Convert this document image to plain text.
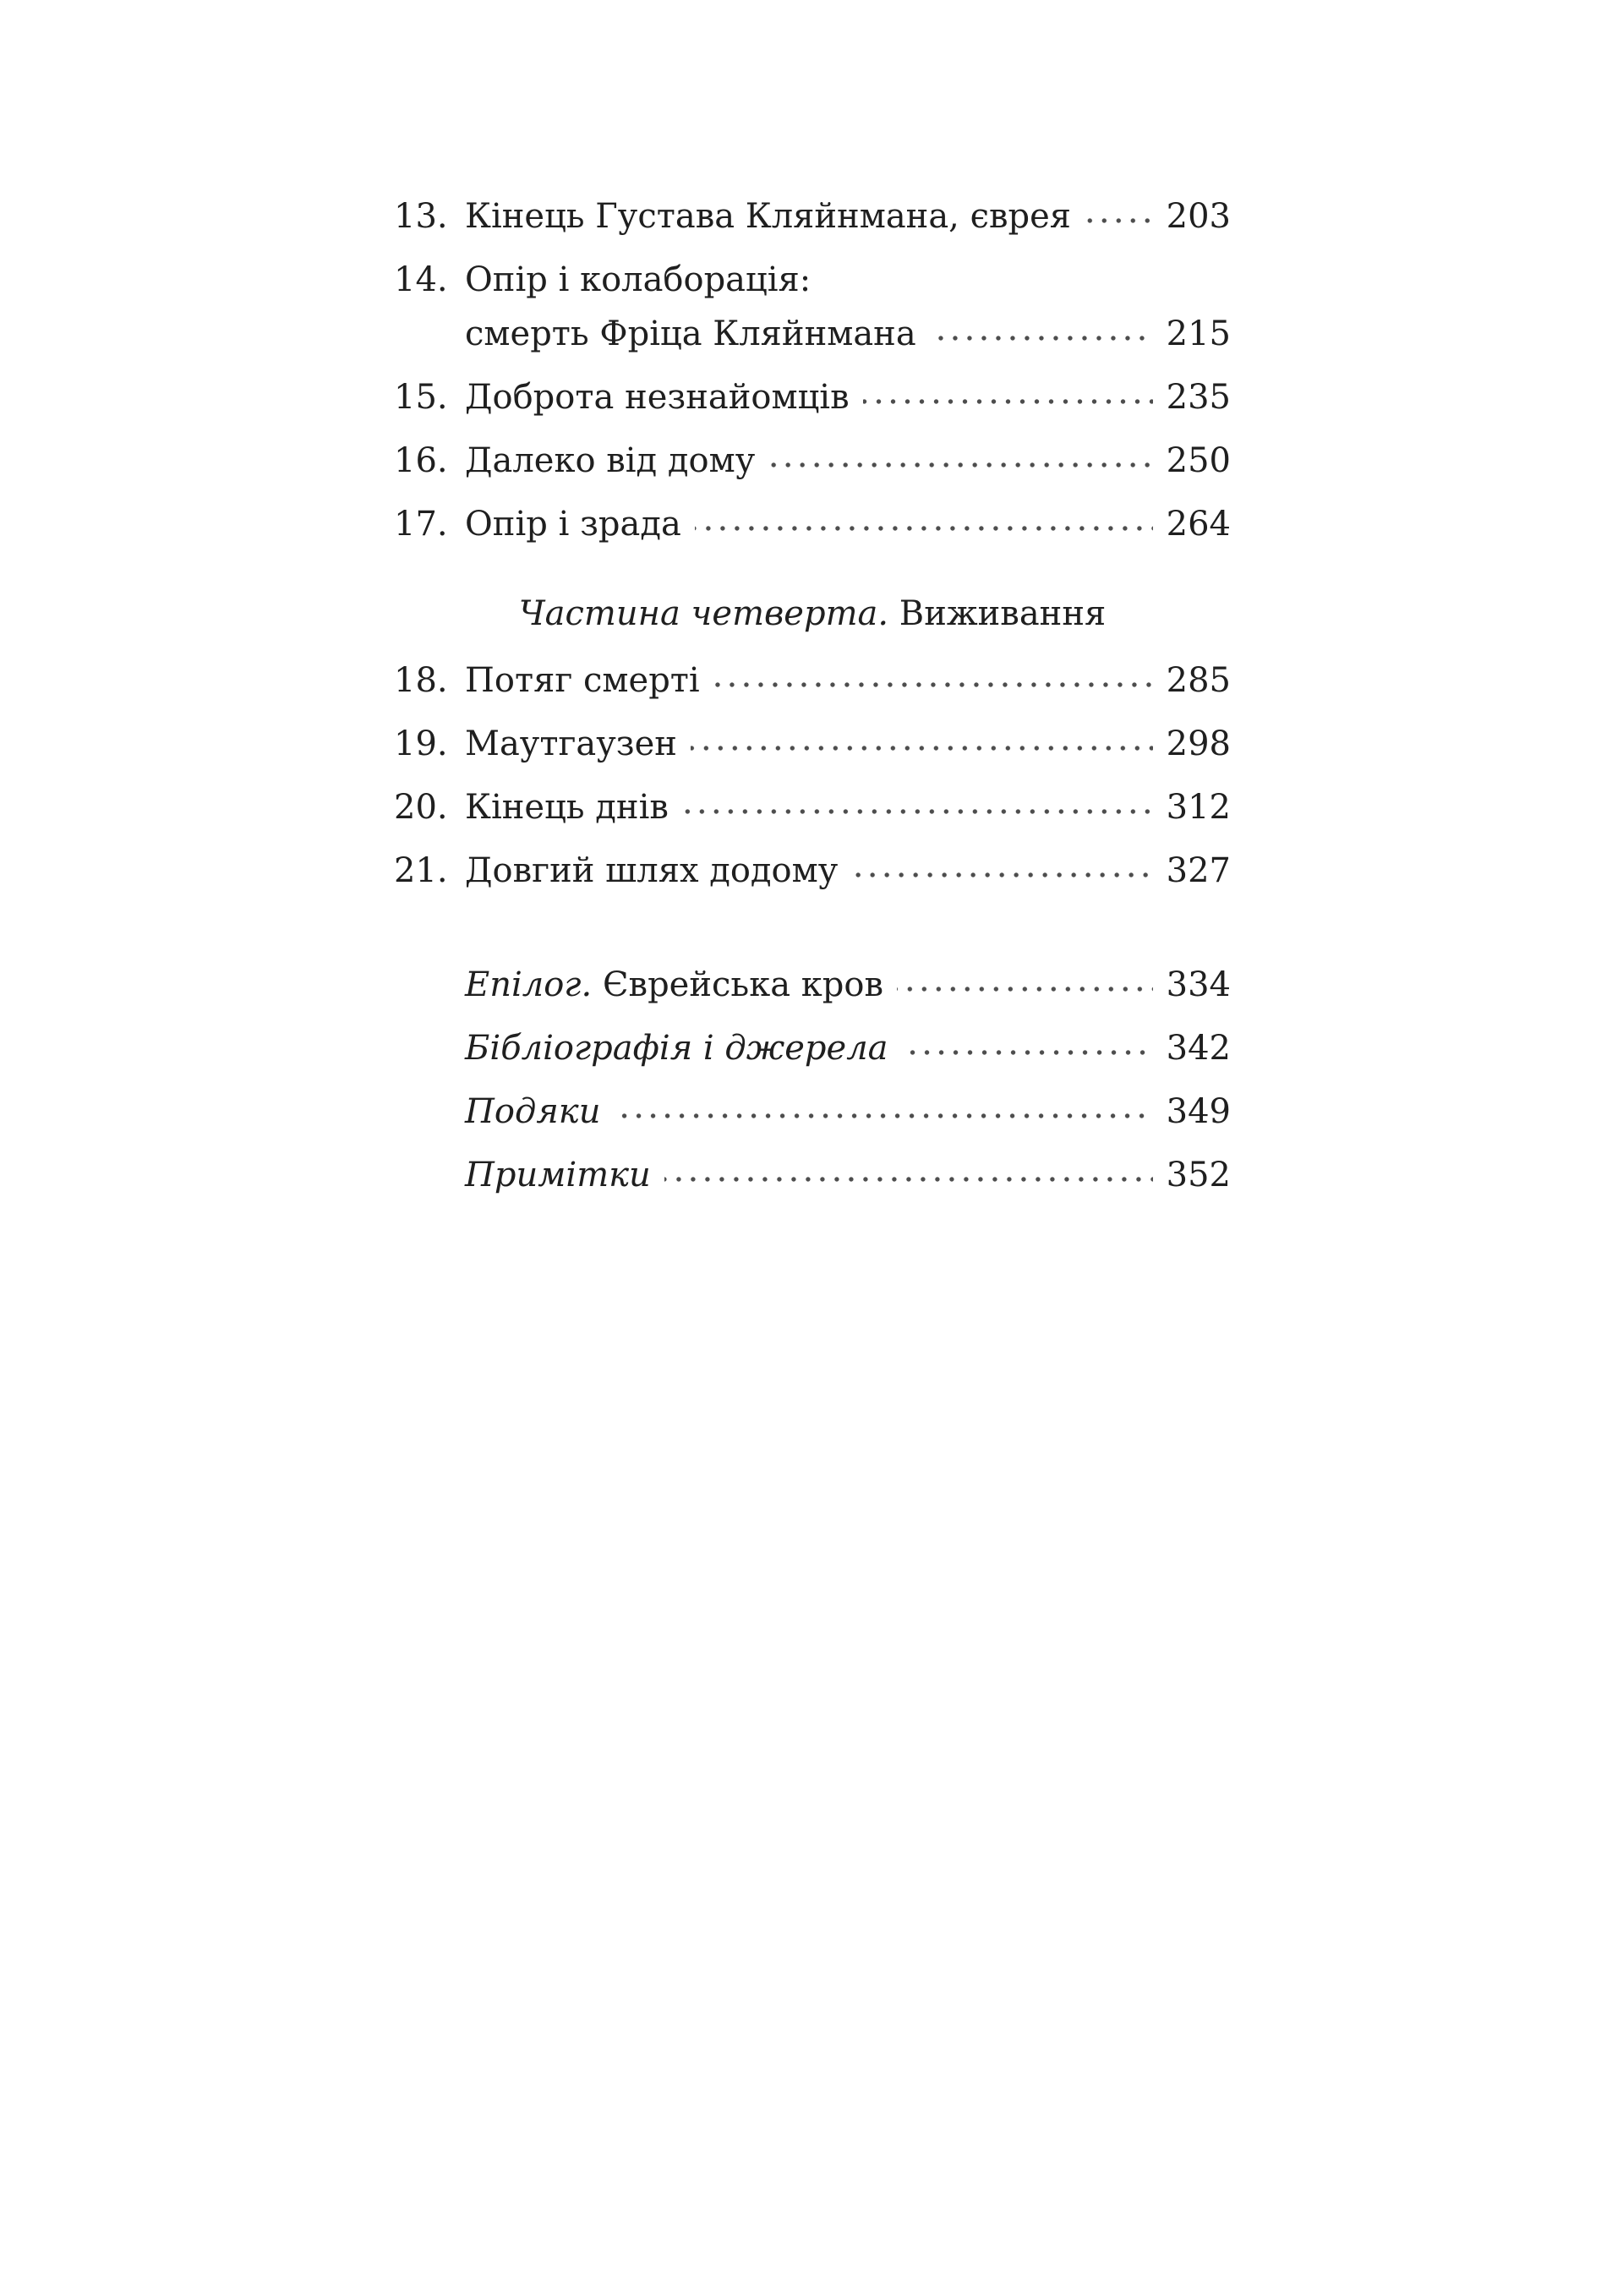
13. Кінець Густава Кляйнмана, єврея	203
14. Опір і колаборація:
смерть Фріца Кляйнмана	215
15. Доброта незнайомців	235
16. Далеко від дому	250
17. Опір і зрада	264
Частина четверта. Виживання
18. Потяг смерті	285
19. Маутгаузен	298
20. Кінець днів	312
21. Довгий шлях додому	327
Епілог. Єврейська кров	334
Бібліографія і джерела	342
Подяки	349
Примітки	352
